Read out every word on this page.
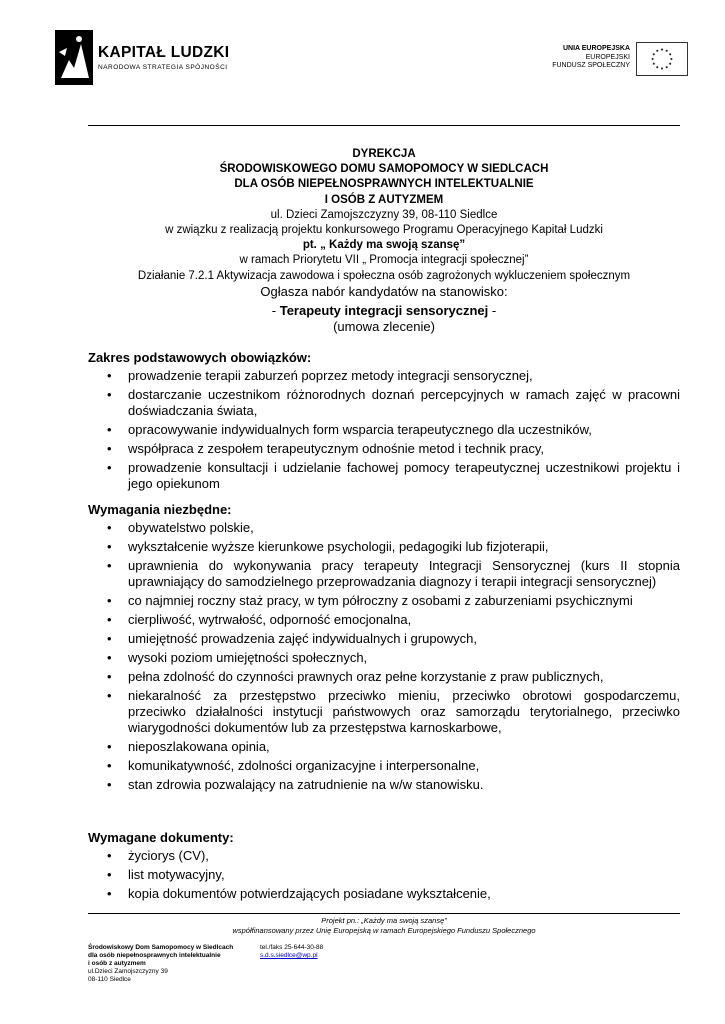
KAPITAŁ LUDZKI
NARODOWA STRATEGIA SPÓJNOŚCI
UNIA EUROPEJSKA
EUROPEJSKI
FUNDUSZ SPOŁECZNY
DYREKCJA
ŚRODOWISKOWEGO DOMU SAMOPOMOCY W SIEDLCACH
DLA OSÓB NIEPEŁNOSPRAWNYCH INTELEKTUALNIE
I OSÓB Z AUTYZMEM
ul. Dzieci Zamojszczyzny 39, 08-110 Siedlce
w związku z realizacją projektu konkursowego Programu Operacyjnego Kapitał Ludzki
pt. „ Każdy ma swoją szansę”
w ramach Priorytetu VII „ Promocja integracji społecznej”
Działanie 7.2.1 Aktywizacja zawodowa i społeczna osób zagrożonych wykluczeniem społecznym
Ogłasza nabór kandydatów na stanowisko:
- Terapeuty integracji sensorycznej -
(umowa zlecenie)
Zakres podstawowych obowiązków:
• prowadzenie terapii zaburzeń poprzez metody integracji sensorycznej,
• dostarczanie uczestnikom różnorodnych doznań percepcyjnych w ramach zajęć w pracowni doświadczania świata,
• opracowywanie indywidualnych form wsparcia terapeutycznego dla uczestników,
• współpraca z zespołem terapeutycznym odnośnie metod i technik pracy,
• prowadzenie konsultacji i udzielanie fachowej pomocy terapeutycznej uczestnikowi projektu i jego opiekunom
Wymagania niezbędne:
• obywatelstwo polskie,
• wykształcenie wyższe kierunkowe psychologii, pedagogiki lub fizjoterapii,
• uprawnienia do wykonywania pracy terapeuty Integracji Sensorycznej (kurs II stopnia uprawniający do samodzielnego przeprowadzania diagnozy i terapii integracji sensorycznej)
• co najmniej roczny staż pracy, w tym półroczny z osobami z zaburzeniami psychicznymi
• cierpliwość, wytrwałość, odporność emocjonalna,
• umiejętność prowadzenia zajęć indywidualnych i grupowych,
• wysoki poziom umiejętności społecznych,
• pełna zdolność do czynności prawnych oraz pełne korzystanie z praw publicznych,
• niekaralność za przestępstwo przeciwko mieniu, przeciwko obrotowi gospodarczemu, przeciwko działalności instytucji państwowych oraz samorządu terytorialnego, przeciwko wiarygodności dokumentów lub za przestępstwa karnoskarbowe,
• nieposzlakowana opinia,
• komunikatywność, zdolności organizacyjne i interpersonalne,
• stan zdrowia pozwalający na zatrudnienie na w/w stanowisku.
Wymagane dokumenty:
• życiorys (CV),
• list motywacyjny,
• kopia dokumentów potwierdzających posiadane wykształcenie,
Projekt pn.: „Każdy ma swoją szansę”
współfinansowany przez Unię Europejską w ramach Europejskiego Funduszu Społecznego
Środowiskowy Dom Samopomocy w Siedlcach
dla osób niepełnosprawnych intelektualnie
i osób z autyzmem
ul.Dzieci Zamojszczyzny 39
08-110 Siedlce
tel./faks 25-644-30-88
s.d.s.siedlce@wp.pl
